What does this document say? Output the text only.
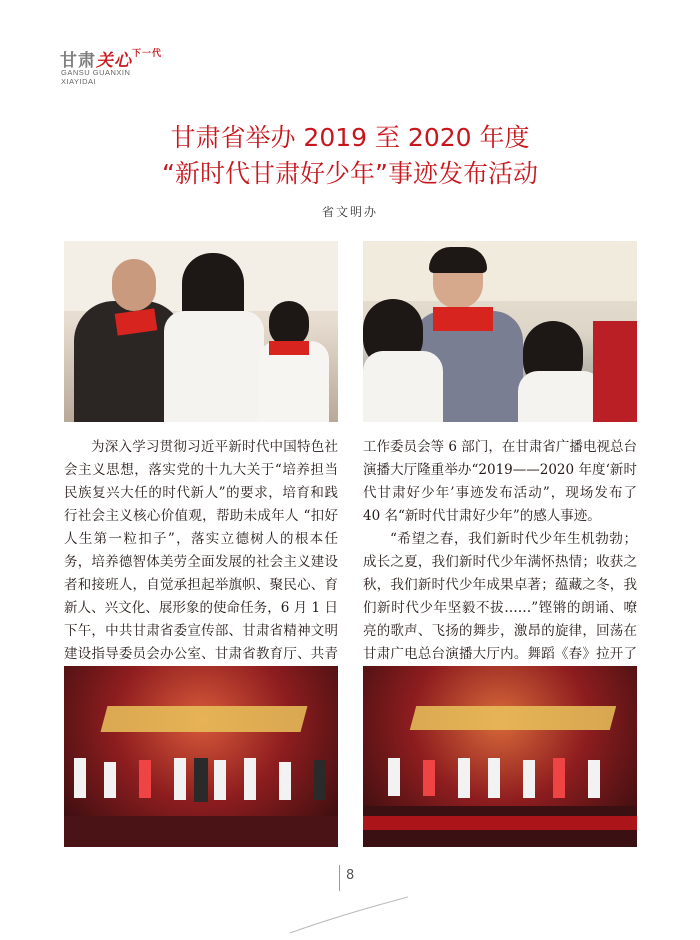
甘肃关心$^{下一代}$
GANSU GUANXIN
XIAYIDAI
甘肃省举办 2019 至 2020 年度
“新时代甘肃好少年”事迹发布活动
省文明办

为深入学习贯彻习近平新时代中国特色社会主义思想，落实党的十九大关于“培养担当民族复兴大任的时代新人”的要求，培育和践行社会主义核心价值观，帮助未成年人 “扣好人生第一粒扣子”，落实立德树人的根本任务，培养德智体美劳全面发展的社会主义建设者和接班人，自觉承担起举旗帜、聚民心、育新人、兴文化、展形象的使命任务，6 月 1 日下午，中共甘肃省委宣传部、甘肃省精神文明建设指导委员会办公室、甘肃省教育厅、共青

工作委员会等 6 部门，在甘肃省广播电视总台演播大厅隆重举办“2019——2020 年度‘新时代甘肃好少年’事迹发布活动”，现场发布了 40 名“新时代甘肃好少年”的感人事迹。

“希望之春，我们新时代少年生机勃勃；成长之夏，我们新时代少年满怀热情；收获之秋，我们新时代少年成果卓著；蕴藏之冬，我们新时代少年坚毅不拔……”铿锵的朗诵、嘹亮的歌声、飞扬的舞步，激昂的旋律，回荡在甘肃广电总台演播大厅内。舞蹈《春》拉开了

8
